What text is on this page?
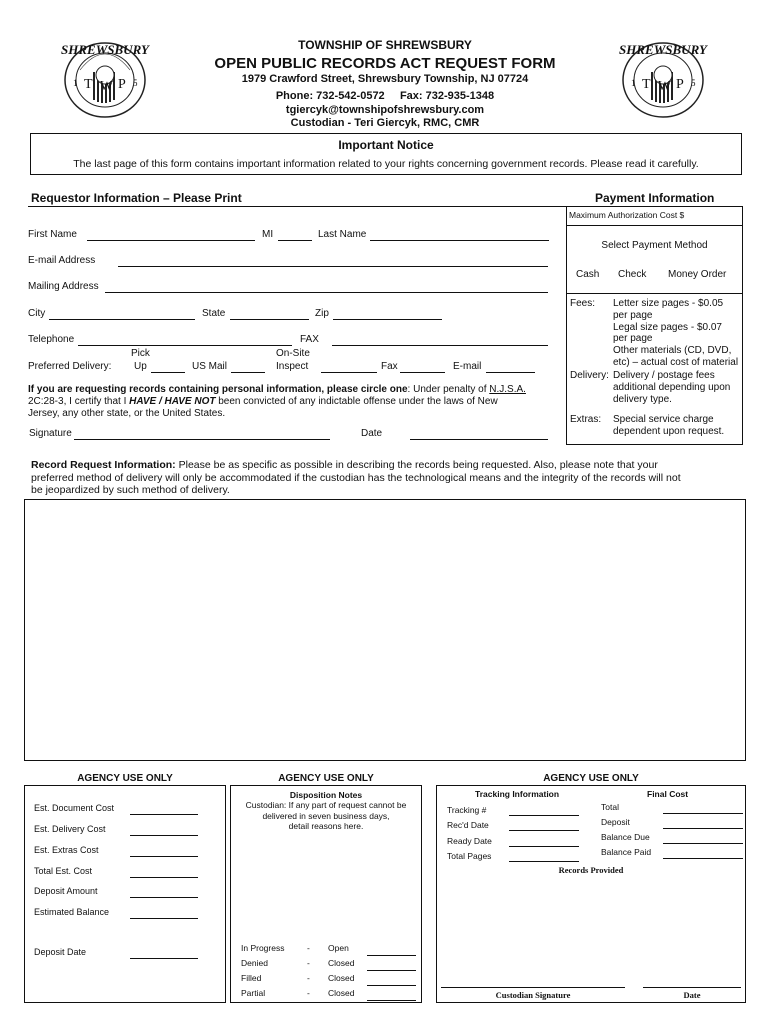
SHREWSBURY
1	5
T W P
SHREWSBURY
1	5
T W P
TOWNSHIP OF SHREWSBURY
OPEN PUBLIC RECORDS ACT REQUEST FORM
1979 Crawford Street, Shrewsbury Township, NJ 07724
Phone: 732-542-0572     Fax: 732-935-1348
tgiercyk@townshipofshrewsbury.com
Custodian - Teri Giercyk, RMC, CMR
Important Notice
The last page of this form contains important information related to your rights concerning government records. Please read it carefully.
Requestor Information – Please Print
First Name	MI	Last Name
E-mail Address
Mailing Address
City	State	Zip
Telephone	FAX
Pick	On-Site
Preferred Delivery: Up	US Mail	Inspect	Fax	E-mail
If you are requesting records containing personal information, please circle one: Under penalty of N.J.S.A.
2C:28-3, I certify that I HAVE / HAVE NOT been convicted of any indictable offense under the laws of New
Jersey, any other state, or the United States.
Signature	Date
Payment Information
Maximum Authorization Cost $
Select Payment Method
Cash Check Money Order
Fees: Letter size pages - $0.05
per page
Legal size pages - $0.07
per page
Other materials (CD, DVD,
etc) – actual cost of material
Delivery: Delivery / postage fees
additional depending upon
delivery type.
Extras: Special service charge
dependent upon request.
Record Request Information: Please be as specific as possible in describing the records being requested. Also, please note that your
preferred method of delivery will only be accommodated if the custodian has the technological means and the integrity of the records will not
be jeopardized by such method of delivery.
AGENCY USE ONLY
Est. Document Cost
Est. Delivery Cost
Est. Extras Cost
Total Est. Cost
Deposit Amount
Estimated Balance
Deposit Date
AGENCY USE ONLY
Disposition Notes
Custodian: If any part of request cannot be
delivered in seven business days,
detail reasons here.
In Progress	- Open
Denied	- Closed
Filled	- Closed
Partial	- Closed
AGENCY USE ONLY
Tracking Information	Final Cost
Tracking #
Rec'd Date
Ready Date
Total Pages
Total
Deposit
Balance Due
Balance Paid
Records Provided
Custodian Signature	Date
